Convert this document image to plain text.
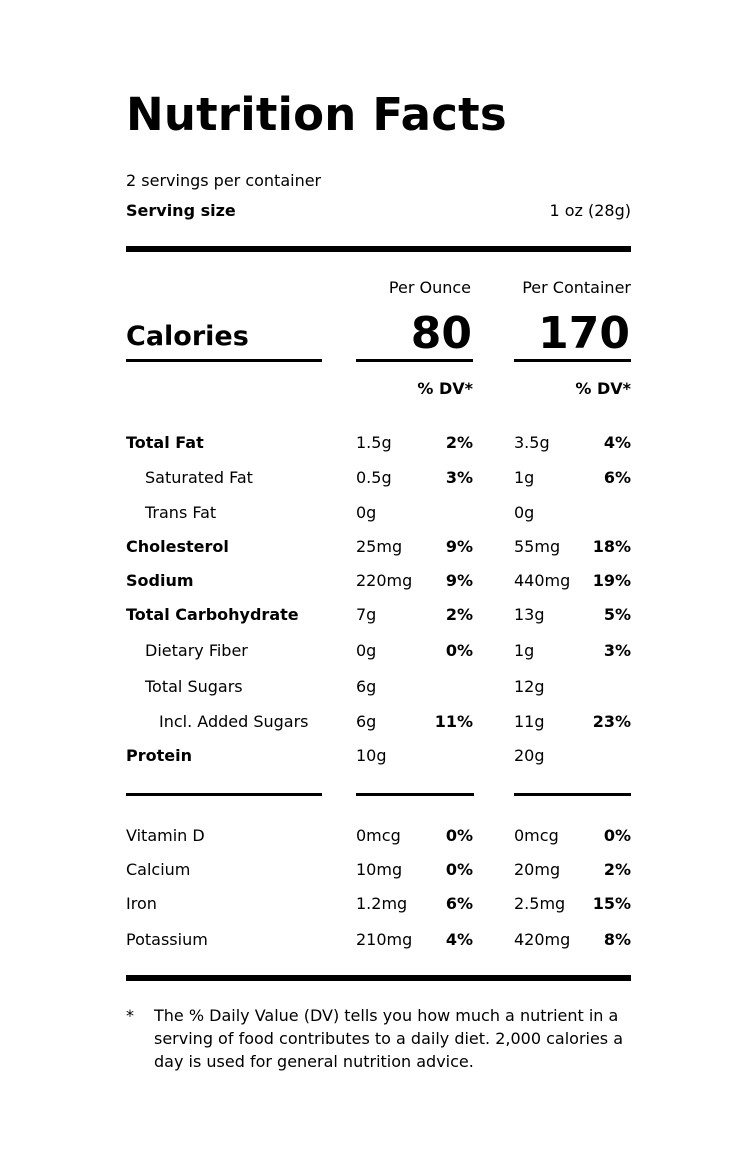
Nutrition Facts
2 servings per container
Serving size	1 oz (28g)
Per Ounce	Per Container
Calories	80 170
% DV*	% DV*
Total Fat	1.5g	2%	3.5g	4%
Saturated Fat	0.5g	3%	1g	6%
Trans Fat	0g	0g
Cholesterol	25mg	9%	55mg 18%
Sodium	220mg 9%	440mg 19%
Total Carbohydrate	7g	2%	13g	5%
Dietary Fiber	0g	0%	1g	3%
Total Sugars	6g	12g
Incl. Added Sugars	6g	11%	11g	23%
Protein	10g	20g
Vitamin D	0mcg	0%	0mcg	0%
Calcium	10mg	0%	20mg	2%
Iron	1.2mg 6%	2.5mg 15%
Potassium	210mg 4%	420mg 8%
* The % Daily Value (DV) tells you how much a nutrient in a serving of food contributes to a daily diet. 2,000 calories a day is used for general nutrition advice.
